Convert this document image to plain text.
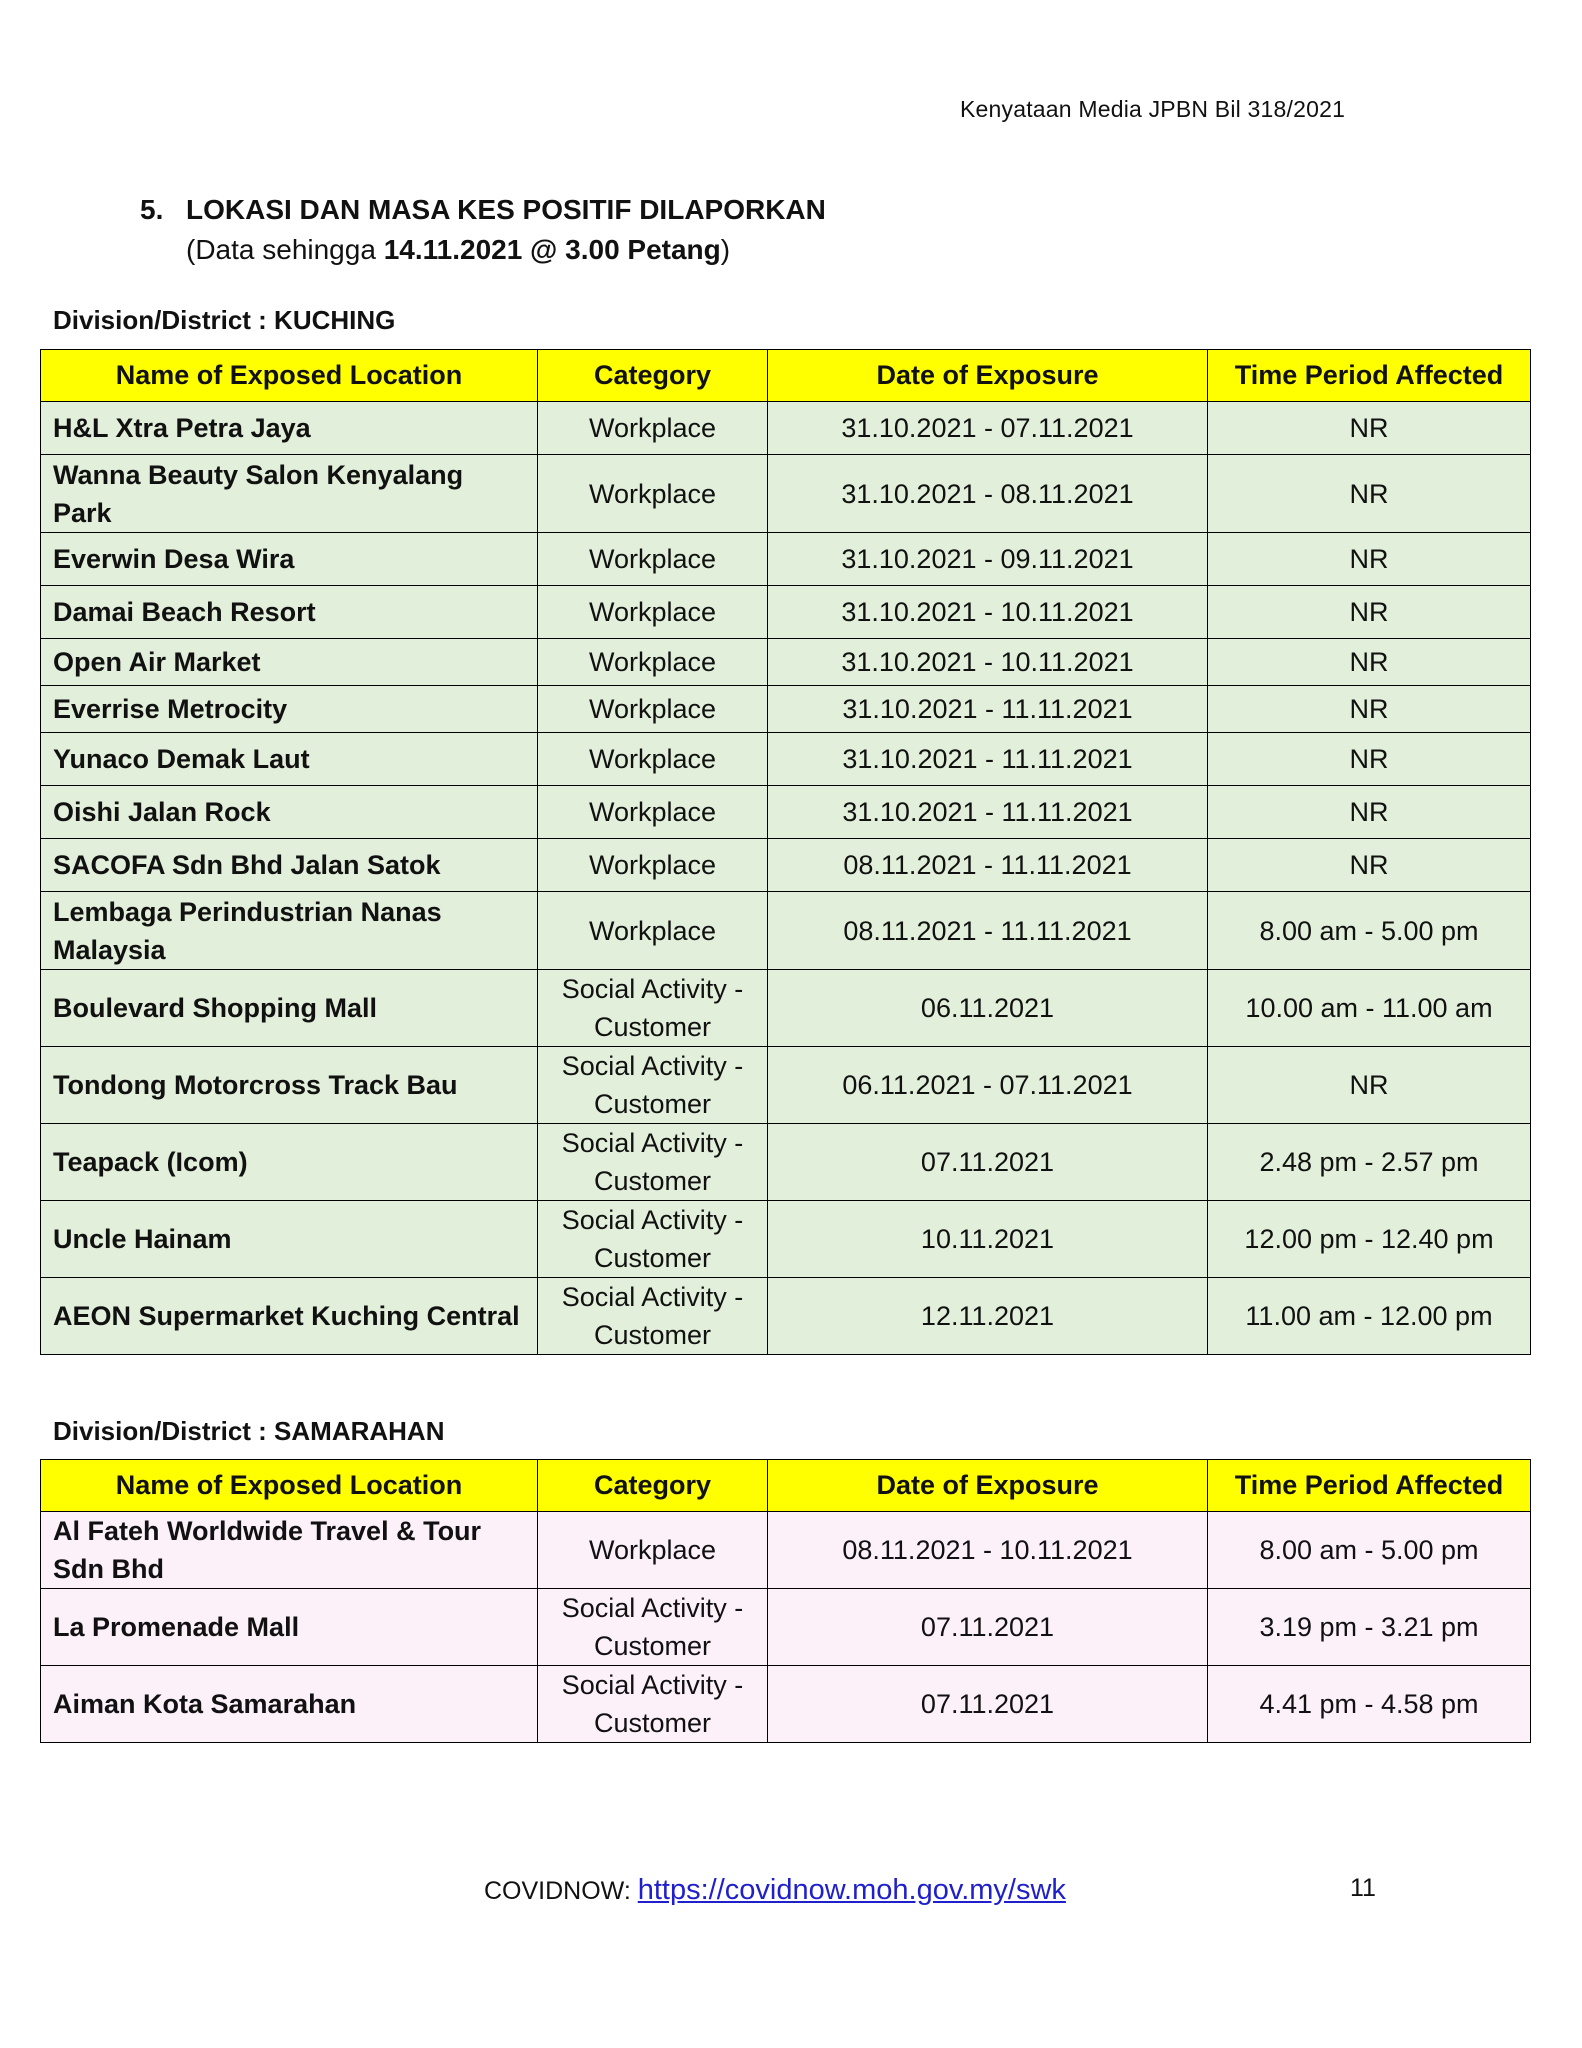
Kenyataan Media JPBN Bil 318/2021
5. LOKASI DAN MASA KES POSITIF DILAPORKAN
(Data sehingga 14.11.2021 @ 3.00 Petang)
Division/District : KUCHING
Name of Exposed Location	Category	Date of Exposure	Time Period Affected
H&L Xtra Petra Jaya	Workplace	31.10.2021 - 07.11.2021	NR
Wanna Beauty Salon Kenyalang Park	Workplace	31.10.2021 - 08.11.2021	NR
Everwin Desa Wira	Workplace	31.10.2021 - 09.11.2021	NR
Damai Beach Resort	Workplace	31.10.2021 - 10.11.2021	NR
Open Air Market	Workplace	31.10.2021 - 10.11.2021	NR
Everrise Metrocity	Workplace	31.10.2021 - 11.11.2021	NR
Yunaco Demak Laut	Workplace	31.10.2021 - 11.11.2021	NR
Oishi Jalan Rock	Workplace	31.10.2021 - 11.11.2021	NR
SACOFA Sdn Bhd Jalan Satok	Workplace	08.11.2021 - 11.11.2021	NR
Lembaga Perindustrian Nanas Malaysia	Workplace	08.11.2021 - 11.11.2021	8.00 am - 5.00 pm
Boulevard Shopping Mall	Social Activity - Customer	06.11.2021	10.00 am - 11.00 am
Tondong Motorcross Track Bau	Social Activity - Customer	06.11.2021 - 07.11.2021	NR
Teapack (Icom)	Social Activity - Customer	07.11.2021	2.48 pm - 2.57 pm
Uncle Hainam	Social Activity - Customer	10.11.2021	12.00 pm - 12.40 pm
AEON Supermarket Kuching Central	Social Activity - Customer	12.11.2021	11.00 am - 12.00 pm
Division/District : SAMARAHAN
Name of Exposed Location	Category	Date of Exposure	Time Period Affected
Al Fateh Worldwide Travel & Tour Sdn Bhd	Workplace	08.11.2021 - 10.11.2021	8.00 am - 5.00 pm
La Promenade Mall	Social Activity - Customer	07.11.2021	3.19 pm - 3.21 pm
Aiman Kota Samarahan	Social Activity - Customer	07.11.2021	4.41 pm - 4.58 pm
COVIDNOW: https://covidnow.moh.gov.my/swk	11
